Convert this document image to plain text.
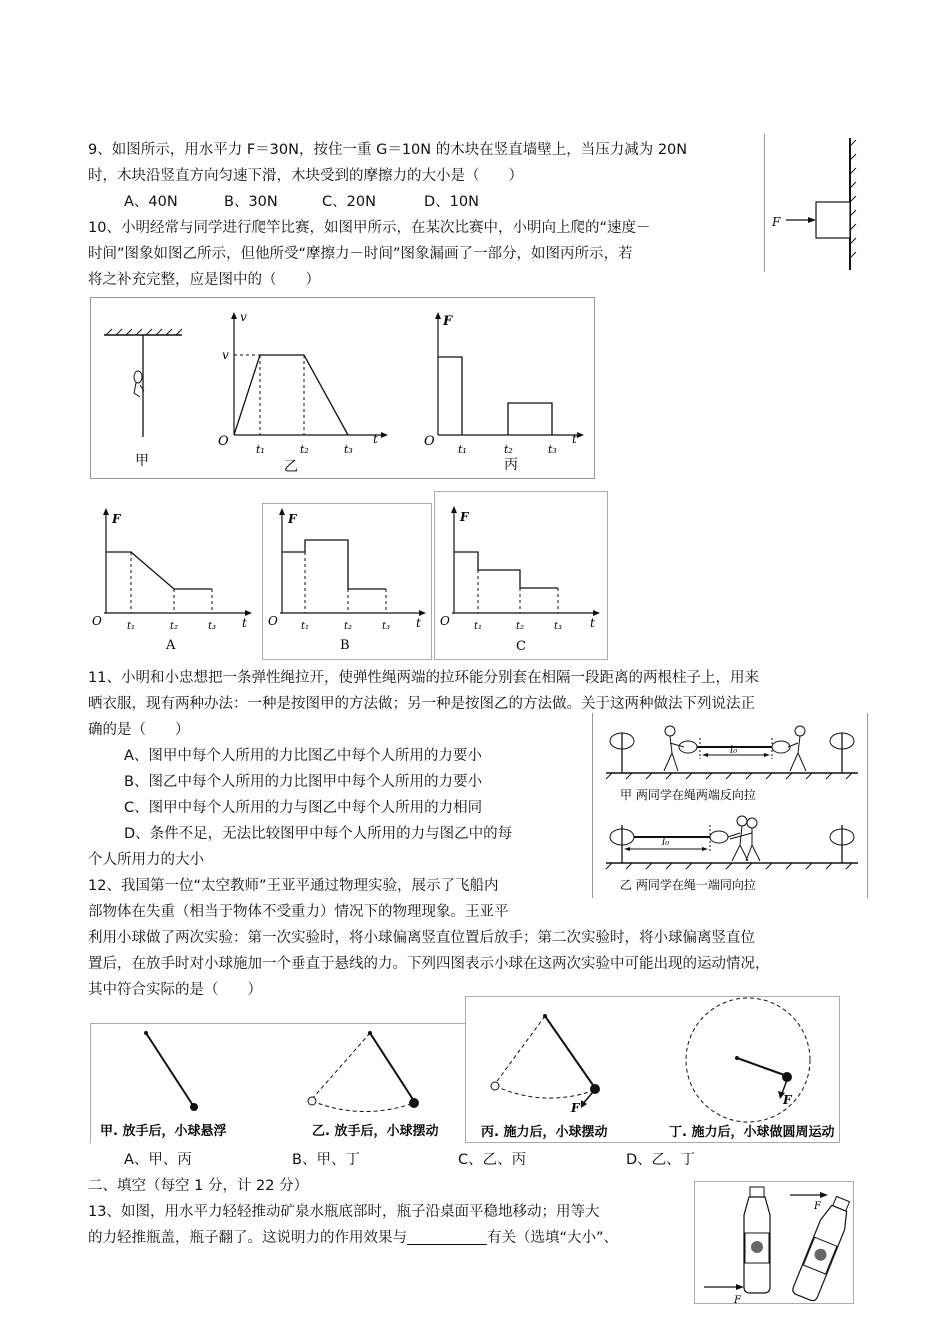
9、如图所示，用水平力 F＝30N，按住一重 G＝10N 的木块在竖直墙壁上，当压力减为 20N
时，木块沿竖直方向匀速下滑，木块受到的摩擦力的大小是（　　）
A、40N	B、30N	C、20N	D、10N
F
10、小明经常与同学进行爬竿比赛，如图甲所示，在某次比赛中，小明向上爬的“速度－
时间”图象如图乙所示，但他所受“摩擦力－时间”图象漏画了一部分，如图丙所示，若
将之补充完整，应是图中的（　　）
甲
v
t
O
v
t₁	t₂	t₃
乙
F
t
O
t₁	t₂	t₃
丙
F
t
O	t₁	t₂	t₃
A
F
t
O t₁	t₂	t₃
B
F
t
O t₁	t₂	t₃
C
11、小明和小忠想把一条弹性绳拉开，使弹性绳两端的拉环能分别套在相隔一段距离的两根柱子上，用来
晒衣服，现有两种办法：一种是按图甲的方法做；另一种是按图乙的方法做。关于这两种做法下列说法正
确的是（　　）
A、图甲中每个人所用的力比图乙中每个人所用的力要小
B、图乙中每个人所用的力比图甲中每个人所用的力要小
C、图甲中每个人所用的力与图乙中每个人所用的力相同
D、条件不足，无法比较图甲中每个人所用的力与图乙中的每
个人所用力的大小
l₀
甲 两同学在绳两端反向拉
l₀
乙 两同学在绳一端同向拉
12、我国第一位“太空教师”王亚平通过物理实验，展示了飞船内
部物体在失重（相当于物体不受重力）情况下的物理现象。王亚平
利用小球做了两次实验：第一次实验时，将小球偏离竖直位置后放手；第二次实验时，将小球偏离竖直位
置后，在放手时对小球施加一个垂直于悬线的力。下列四图表示小球在这两次实验中可能出现的运动情况，
其中符合实际的是（　　）
甲. 放手后，小球悬浮	乙. 放手后，小球摆动
F
丙. 施力后，小球摆动
F
丁. 施力后，小球做圆周运动
A、甲、丙	B、甲、丁	C、乙、丙	D、乙、丁
二、填空（每空 1 分，计 22 分）
13、如图，用水平力轻轻推动矿泉水瓶底部时，瓶子沿桌面平稳地移动；用等大
的力轻推瓶盖，瓶子翻了。这说明力的作用效果与	有关（选填“大小”、
F
F
